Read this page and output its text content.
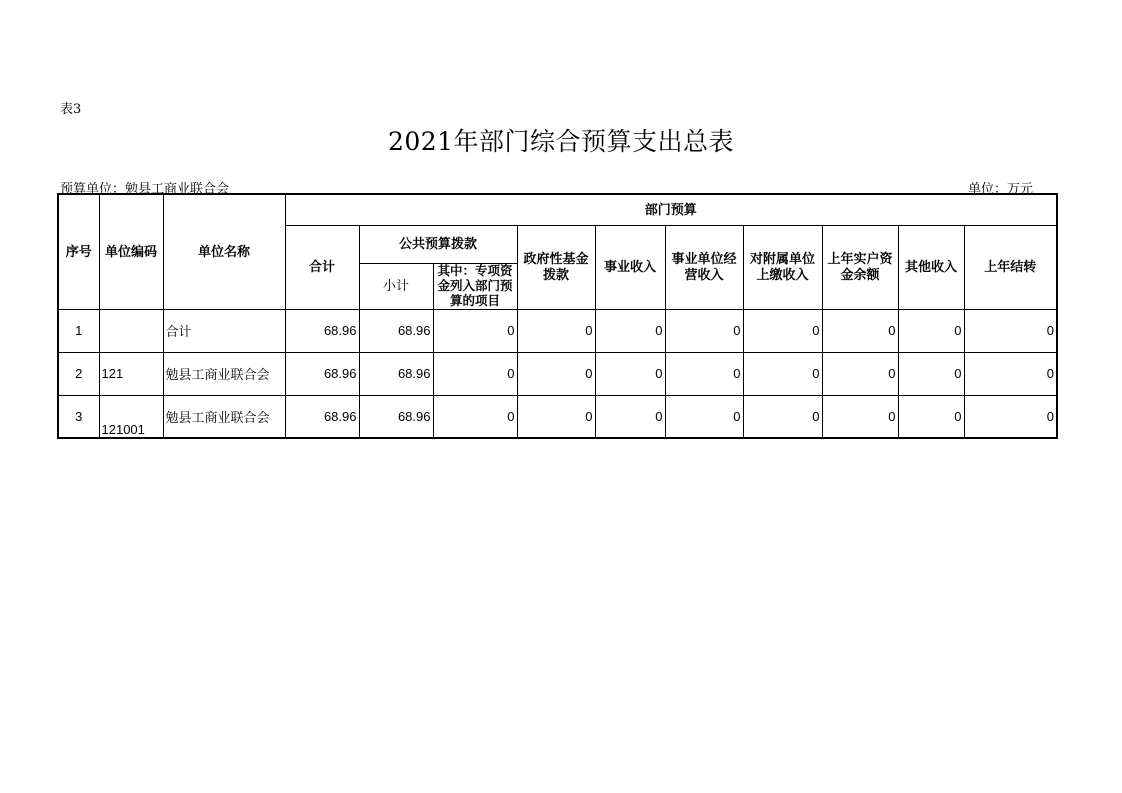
表3
2021年部门综合预算支出总表
预算单位：勉县工商业联合会	单位：万元
序号	单位编码	单位名称	部门预算									
			合计	公共预算拨款		政府性基金拨款	事业收入	事业单位经营收入	对附属单位上缴收入	上年实户资金余额	其他收入	上年结转
				小计	其中：专项资金列入部门预算的项目							

1		合计	68.96	68.96	0	0	0	0	0	0	0	0
2	121	勉县工商业联合会	68.96	68.96	0	0	0	0	0	0	0	0
3	121001	勉县工商业联合会	68.96	68.96	0	0	0	0	0	0	0	0
